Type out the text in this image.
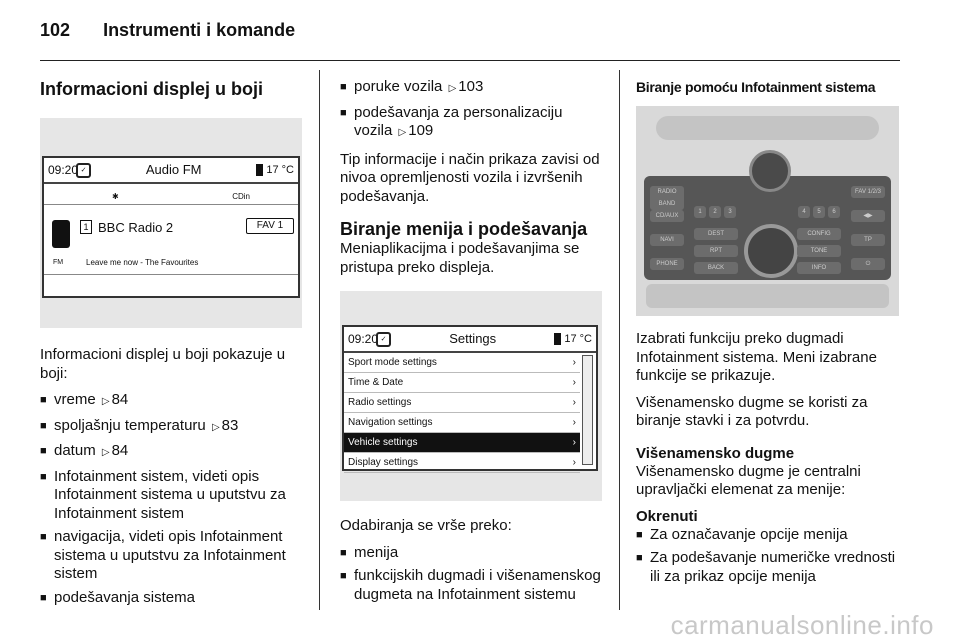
102 Instrumenti i komande
Informacioni displej u boji
09:20 ✓	Audio FM	17 °C
✱	CDin
FM
1 BBC Radio 2	FAV 1
Leave me now - The Favourites

Informacioni displej u boji pokazuje u boji:

■ vreme ▷ 84
■ spoljašnju temperaturu ▷ 83
■ datum ▷ 84
■ Infotainment sistem, videti opis Infotainment sistema u uputstvu za Infotainment sistem
■ navigacija, videti opis Infotainment sistema u uputstvu za Infotainment sistem
■ podešavanja sistema
■ poruke vozila ▷ 103
■ podešavanja za personalizaciju vozila ▷ 109

Tip informacije i način prikaza zavisi od nivoa opremljenosti vozila i izvršenih podešavanja.

Biranje menija i podešavanja

Meniaplikacijma i podešavanjima se pristupa preko displeja.

09:20 ✓	Settings	17 °C
Sport mode settings	›
Time & Date	›
Radio settings	›
Navigation settings	›
Vehicle settings	›
Display settings	›

Odabiranja se vrše preko:

■ menija
■ funkcijskih dugmadi i višenamenskog dugmeta na Infotainment sistemu
Biranje pomoću Infotainment sistema
RADIO BAND
CD/AUX
NAVI
PHONE
FAV 1/2/3
◀▶
TP
⏻
1	2	3	4	5	6
DEST
RPT
BACK
CONFIG
TONE
INFO

Izabrati funkciju preko dugmadi Infotainment sistema. Meni izabrane funkcije se prikazuje.

Višenamensko dugme se koristi za biranje stavki i za potvrdu.

Višenamensko dugme

Višenamensko dugme je centralni upravljački elemenat za menije:

Okrenuti
■ Za označavanje opcije menija
■ Za podešavanje numeričke vrednosti ili za prikaz opcije menija
carmanualsonline.info
